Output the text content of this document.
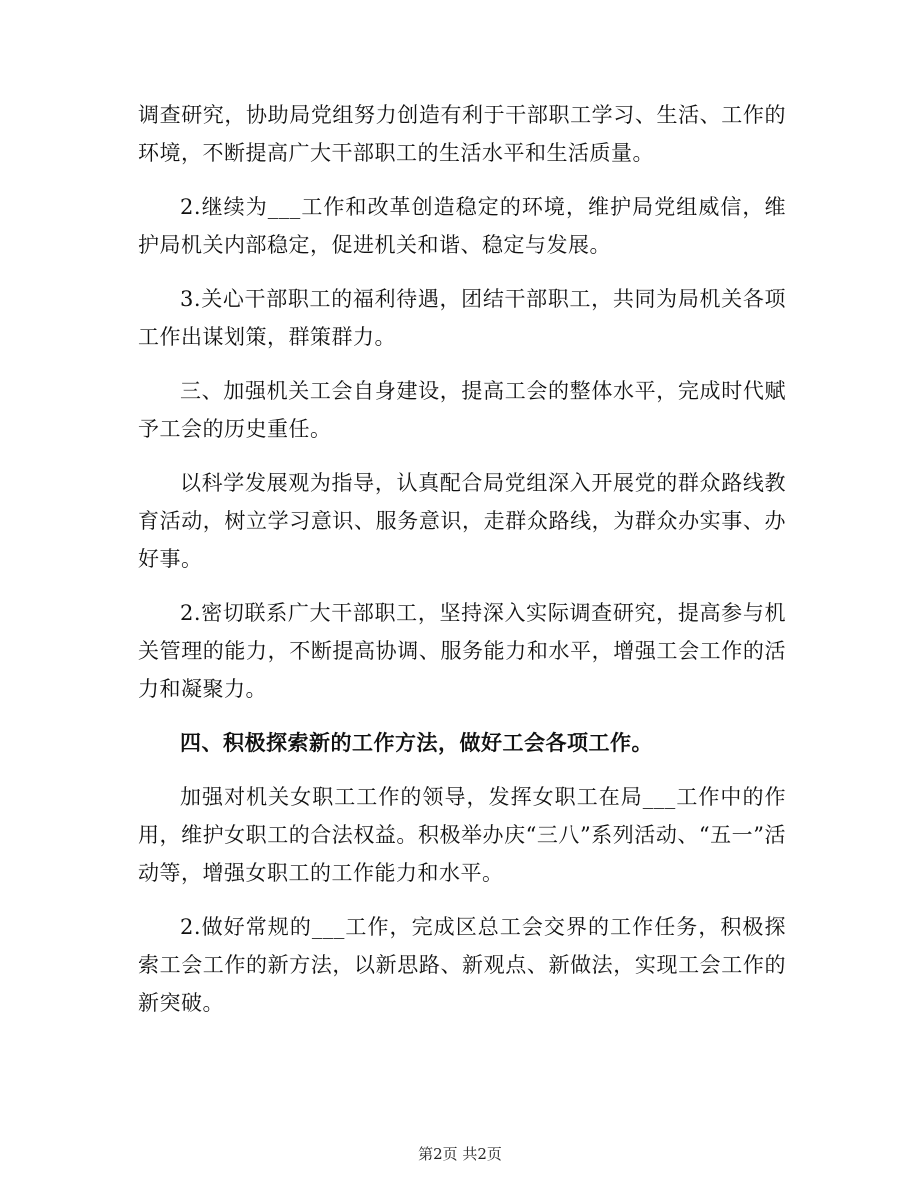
调查研究，协助局党组努力创造有利于干部职工学习、生活、工作的环境，不断提高广大干部职工的生活水平和生活质量。

2.继续为___工作和改革创造稳定的环境，维护局党组威信，维护局机关内部稳定，促进机关和谐、稳定与发展。

3.关心干部职工的福利待遇，团结干部职工，共同为局机关各项工作出谋划策，群策群力。

三、加强机关工会自身建设，提高工会的整体水平，完成时代赋予工会的历史重任。

以科学发展观为指导，认真配合局党组深入开展党的群众路线教育活动，树立学习意识、服务意识，走群众路线，为群众办实事、办好事。

2.密切联系广大干部职工，坚持深入实际调查研究，提高参与机关管理的能力，不断提高协调、服务能力和水平，增强工会工作的活力和凝聚力。

四、积极探索新的工作方法，做好工会各项工作。

加强对机关女职工工作的领导，发挥女职工在局___工作中的作用，维护女职工的合法权益。积极举办庆“三八”系列活动、“五一”活动等，增强女职工的工作能力和水平。

2.做好常规的___工作，完成区总工会交界的工作任务，积极探索工会工作的新方法，以新思路、新观点、新做法，实现工会工作的新突破。

第2页 共2页
